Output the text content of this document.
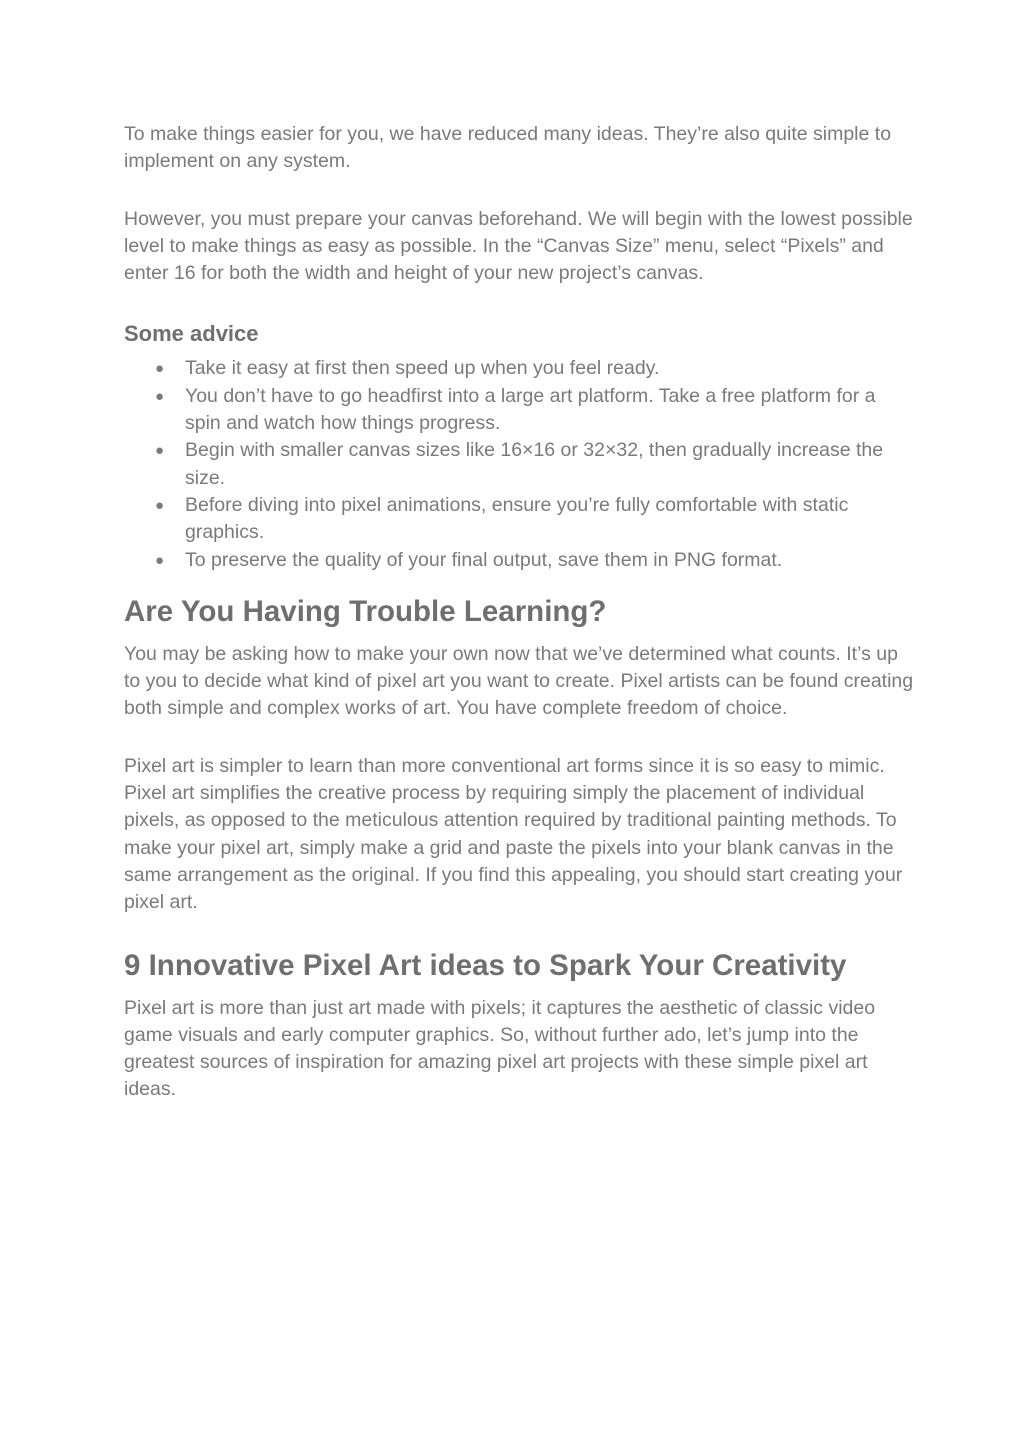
To make things easier for you, we have reduced many ideas. They’re also quite simple to implement on any system.

However, you must prepare your canvas beforehand. We will begin with the lowest possible level to make things as easy as possible. In the “Canvas Size” menu, select “Pixels” and enter 16 for both the width and height of your new project’s canvas.

Some advice
● Take it easy at first then speed up when you feel ready.
● You don’t have to go headfirst into a large art platform. Take a free platform for a spin and watch how things progress.
● Begin with smaller canvas sizes like 16×16 or 32×32, then gradually increase the size.
● Before diving into pixel animations, ensure you’re fully comfortable with static graphics.
● To preserve the quality of your final output, save them in PNG format.
Are You Having Trouble Learning?

You may be asking how to make your own now that we’ve determined what counts. It’s up to you to decide what kind of pixel art you want to create. Pixel artists can be found creating both simple and complex works of art. You have complete freedom of choice.

Pixel art is simpler to learn than more conventional art forms since it is so easy to mimic. Pixel art simplifies the creative process by requiring simply the placement of individual pixels, as opposed to the meticulous attention required by traditional painting methods. To make your pixel art, simply make a grid and paste the pixels into your blank canvas in the same arrangement as the original. If you find this appealing, you should start creating your pixel art.

9 Innovative Pixel Art ideas to Spark Your Creativity

Pixel art is more than just art made with pixels; it captures the aesthetic of classic video game visuals and early computer graphics. So, without further ado, let’s jump into the greatest sources of inspiration for amazing pixel art projects with these simple pixel art ideas.
